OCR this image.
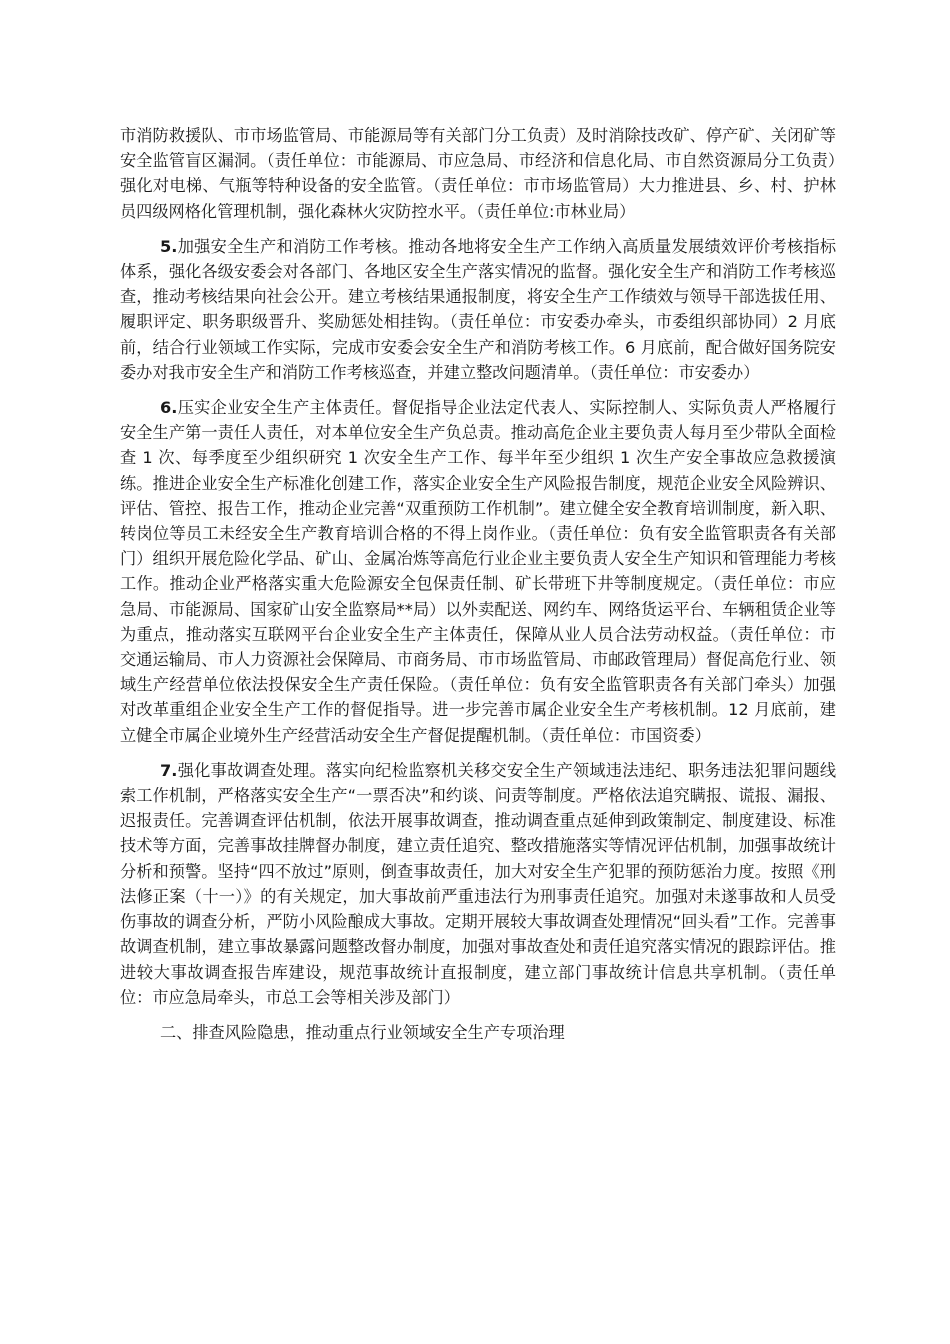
市消防救援队、市市场监管局、市能源局等有关部门分工负责）及时消除技改矿、停产矿、关闭矿等安全监管盲区漏洞。（责任单位：市能源局、市应急局、市经济和信息化局、市自然资源局分工负责）强化对电梯、气瓶等特种设备的安全监管。（责任单位：市市场监管局）大力推进县、乡、村、护林员四级网格化管理机制，强化森林火灾防控水平。（责任单位:市林业局）

5.加强安全生产和消防工作考核。推动各地将安全生产工作纳入高质量发展绩效评价考核指标体系，强化各级安委会对各部门、各地区安全生产落实情况的监督。强化安全生产和消防工作考核巡查，推动考核结果向社会公开。建立考核结果通报制度，将安全生产工作绩效与领导干部选拔任用、履职评定、职务职级晋升、奖励惩处相挂钩。（责任单位：市安委办牵头，市委组织部协同）2 月底前，结合行业领域工作实际，完成市安委会安全生产和消防考核工作。6 月底前，配合做好国务院安委办对我市安全生产和消防工作考核巡查，并建立整改问题清单。（责任单位：市安委办）

6.压实企业安全生产主体责任。督促指导企业法定代表人、实际控制人、实际负责人严格履行安全生产第一责任人责任，对本单位安全生产负总责。推动高危企业主要负责人每月至少带队全面检查 1 次、每季度至少组织研究 1 次安全生产工作、每半年至少组织 1 次生产安全事故应急救援演练。推进企业安全生产标准化创建工作，落实企业安全生产风险报告制度，规范企业安全风险辨识、评估、管控、报告工作，推动企业完善“双重预防工作机制”。建立健全安全教育培训制度，新入职、转岗位等员工未经安全生产教育培训合格的不得上岗作业。（责任单位：负有安全监管职责各有关部门）组织开展危险化学品、矿山、金属冶炼等高危行业企业主要负责人安全生产知识和管理能力考核工作。推动企业严格落实重大危险源安全包保责任制、矿长带班下井等制度规定。（责任单位：市应急局、市能源局、国家矿山安全监察局**局）以外卖配送、网约车、网络货运平台、车辆租赁企业等为重点，推动落实互联网平台企业安全生产主体责任，保障从业人员合法劳动权益。（责任单位：市交通运输局、市人力资源社会保障局、市商务局、市市场监管局、市邮政管理局）督促高危行业、领域生产经营单位依法投保安全生产责任保险。（责任单位：负有安全监管职责各有关部门牵头）加强对改革重组企业安全生产工作的督促指导。进一步完善市属企业安全生产考核机制。12 月底前，建立健全市属企业境外生产经营活动安全生产督促提醒机制。（责任单位：市国资委）

7.强化事故调查处理。落实向纪检监察机关移交安全生产领域违法违纪、职务违法犯罪问题线索工作机制，严格落实安全生产“一票否决”和约谈、问责等制度。严格依法追究瞒报、谎报、漏报、迟报责任。完善调查评估机制，依法开展事故调查，推动调查重点延伸到政策制定、制度建设、标准技术等方面，完善事故挂牌督办制度，建立责任追究、整改措施落实等情况评估机制，加强事故统计分析和预警。坚持“四不放过”原则，倒查事故责任，加大对安全生产犯罪的预防惩治力度。按照《刑法修正案（十一）》的有关规定，加大事故前严重违法行为刑事责任追究。加强对未遂事故和人员受伤事故的调查分析，严防小风险酿成大事故。定期开展较大事故调查处理情况“回头看”工作。完善事故调查机制，建立事故暴露问题整改督办制度，加强对事故查处和责任追究落实情况的跟踪评估。推进较大事故调查报告库建设，规范事故统计直报制度，建立部门事故统计信息共享机制。（责任单位：市应急局牵头，市总工会等相关涉及部门）

二、排查风险隐患，推动重点行业领域安全生产专项治理
